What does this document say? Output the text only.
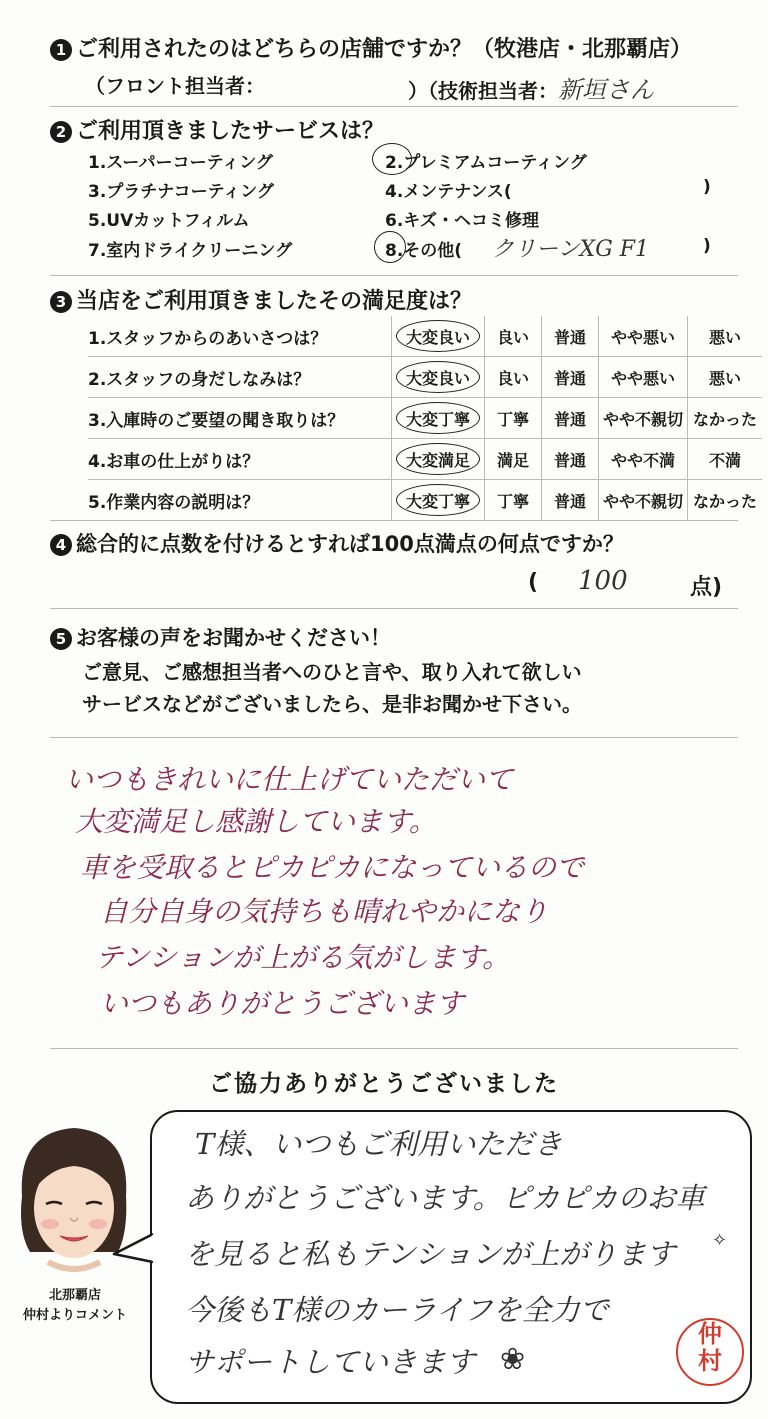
1 ご利用されたのはどちらの店舗ですか？（牧港店・北那覇店）
（フロント担当者：	）（技術担当者：新垣さん
2 ご利用頂きましたサービスは？
1.スーパーコーティング	2.プレミアムコーティング
3.プラチナコーティング	4.メンテナンス(	)
5.UVカットフィルム	6.キズ・ヘコミ修理
7.室内ドライクリーニング	8.その他( クリーンXG F1	)
3 当店をご利用頂きましたその満足度は？
1.スタッフからのあいさつは？	大変良い	良い	普通	やや悪い	悪い
2.スタッフの身だしなみは？	大変良い	良い	普通	やや悪い	悪い
3.入庫時のご要望の聞き取りは？	大変丁寧	丁寧	普通	やや不親切	なかった
4.お車の仕上がりは？	大変満足	満足	普通	やや不満	不満
5.作業内容の説明は？	大変丁寧	丁寧	普通	やや不親切	なかった
4 総合的に点数を付けるとすれば100点満点の何点ですか？
( 100	点)
5 お客様の声をお聞かせください！
ご意見、ご感想担当者へのひと言や、取り入れて欲しい
サービスなどがございましたら、是非お聞かせ下さい。
いつもきれいに仕上げていただいて
大変満足し感謝しています。
車を受取るとピカピカになっているので
自分自身の気持ちも晴れやかになり
テンションが上がる気がします。
いつもありがとうございます
ご協力ありがとうございました
北那覇店
仲村よりコメント
T様、いつもご利用いただき
ありがとうございます。ピカピカのお車
を見ると私もテンションが上がります
今後もT様のカーライフを全力で
サポートしていきます
✧
❀
仲
村
